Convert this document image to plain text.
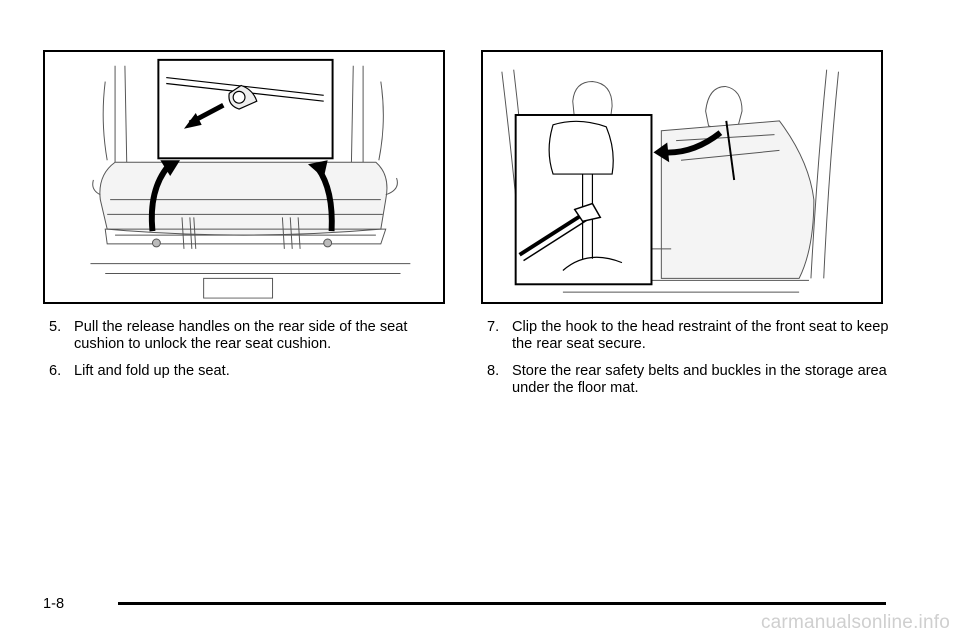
5. Pull the release handles on the rear side of the seat cushion to unlock the rear seat cushion.
6. Lift and fold up the seat.
7. Clip the hook to the head restraint of the front seat to keep the rear seat secure.
8. Store the rear safety belts and buckles in the storage area under the floor mat.
1-8
carmanualsonline.info
